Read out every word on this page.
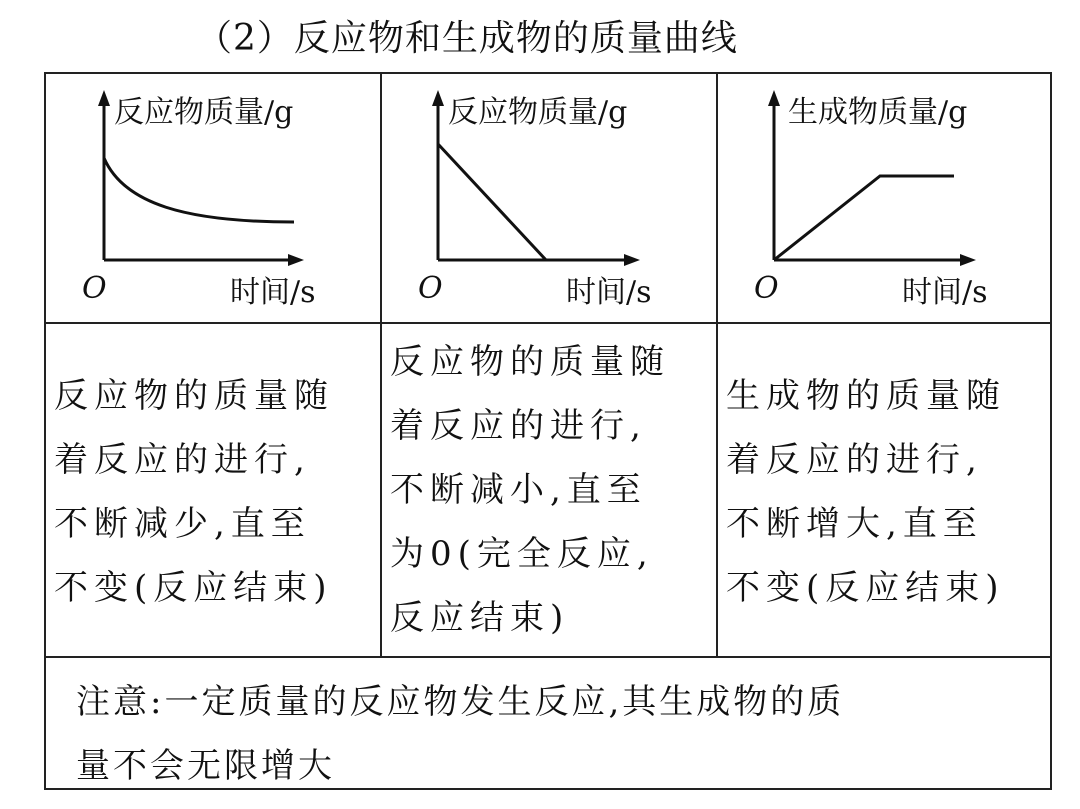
（2）反应物和生成物的质量曲线
反应物质量/g
时间/s
O
反应物质量/g
时间/s
O
生成物质量/g
时间/s
O
反应物的质量随
着反应的进行,
不断减少,直至
不变(反应结束)
反应物的质量随
着反应的进行,
不断减小,直至
为0(完全反应,
反应结束)
生成物的质量随
着反应的进行,
不断增大,直至
不变(反应结束)
注意:一定质量的反应物发生反应,其生成物的质
量不会无限增大
